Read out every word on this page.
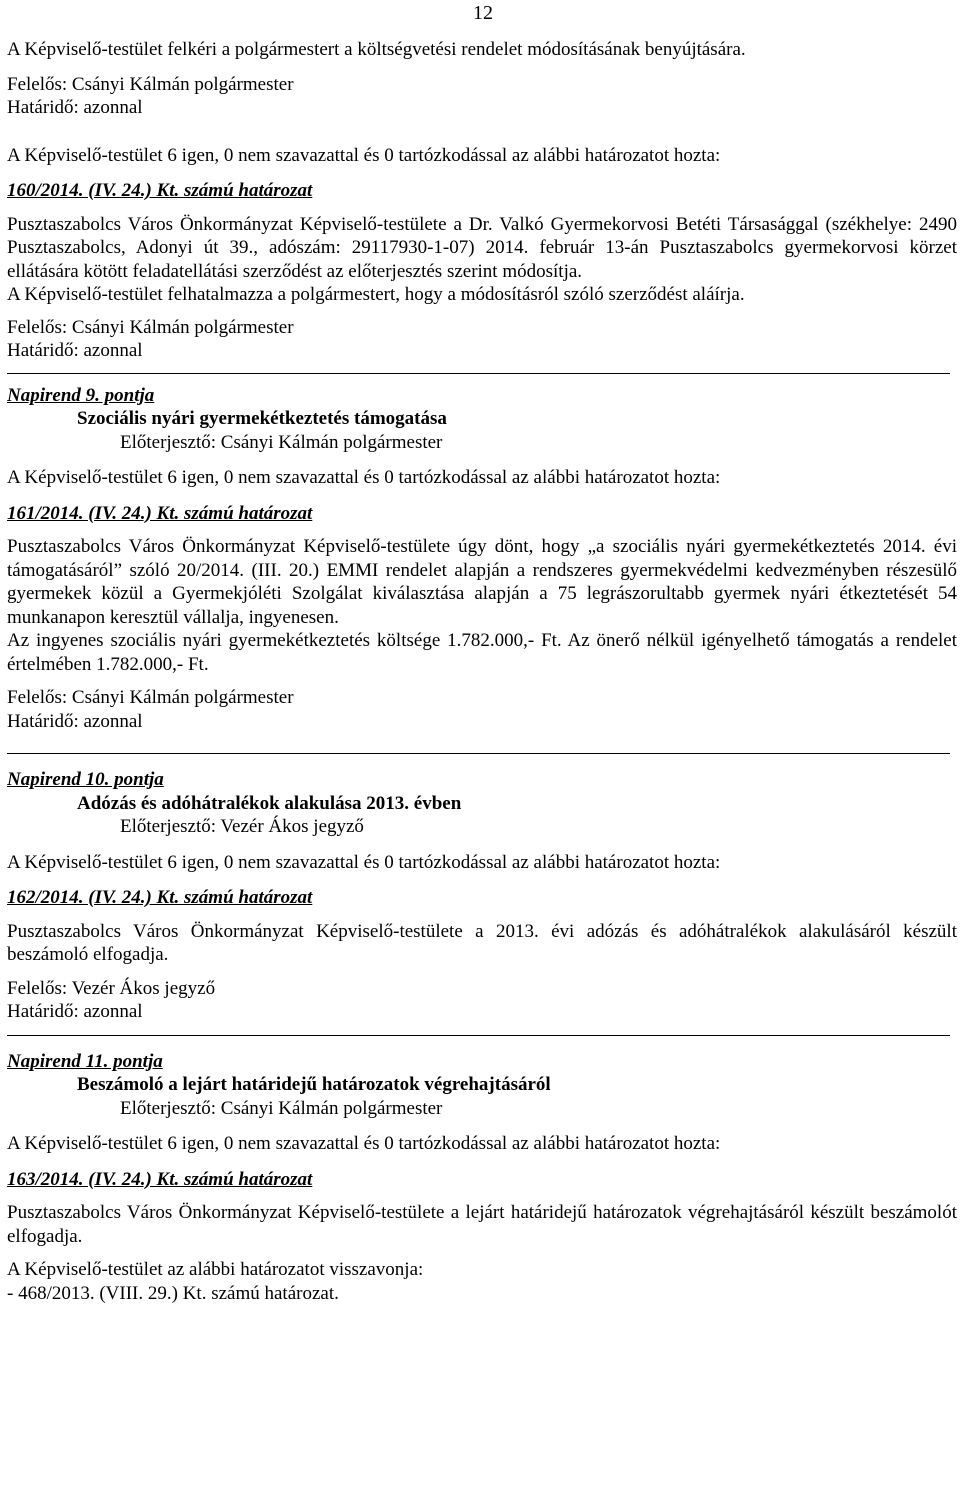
12

A Képviselő-testület felkéri a polgármestert a költségvetési rendelet módosításának benyújtására.

Felelős: Csányi Kálmán polgármester

Határidő: azonnal

A Képviselő-testület 6 igen, 0 nem szavazattal és 0 tartózkodással az alábbi határozatot hozta:

160/2014. (IV. 24.) Kt. számú határozat

Pusztaszabolcs Város Önkormányzat Képviselő-testülete a Dr. Valkó Gyermekorvosi Betéti Társasággal (székhelye: 2490 Pusztaszabolcs, Adonyi út 39., adószám: 29117930-1-07) 2014. február 13-án Pusztaszabolcs gyermekorvosi körzet ellátására kötött feladatellátási szerződést az előterjesztés szerint módosítja.

A Képviselő-testület felhatalmazza a polgármestert, hogy a módosításról szóló szerződést aláírja.

Felelős: Csányi Kálmán polgármester

Határidő: azonnal

Napirend 9. pontja

Szociális nyári gyermekétkeztetés támogatása

Előterjesztő: Csányi Kálmán polgármester

A Képviselő-testület 6 igen, 0 nem szavazattal és 0 tartózkodással az alábbi határozatot hozta:

161/2014. (IV. 24.) Kt. számú határozat

Pusztaszabolcs Város Önkormányzat Képviselő-testülete úgy dönt, hogy „a szociális nyári gyermekétkeztetés 2014. évi támogatásáról” szóló 20/2014. (III. 20.) EMMI rendelet alapján a rendszeres gyermekvédelmi kedvezményben részesülő gyermekek közül a Gyermekjóléti Szolgálat kiválasztása alapján a 75 legrászorultabb gyermek nyári étkeztetését 54 munkanapon keresztül vállalja, ingyenesen.

Az ingyenes szociális nyári gyermekétkeztetés költsége 1.782.000,- Ft. Az önerő nélkül igényelhető támogatás a rendelet értelmében 1.782.000,- Ft.

Felelős: Csányi Kálmán polgármester

Határidő: azonnal

Napirend 10. pontja

Adózás és adóhátralékok alakulása 2013. évben

Előterjesztő: Vezér Ákos jegyző

A Képviselő-testület 6 igen, 0 nem szavazattal és 0 tartózkodással az alábbi határozatot hozta:

162/2014. (IV. 24.) Kt. számú határozat

Pusztaszabolcs Város Önkormányzat Képviselő-testülete a 2013. évi adózás és adóhátralékok alakulásáról készült beszámoló elfogadja.

Felelős: Vezér Ákos jegyző

Határidő: azonnal

Napirend 11. pontja

Beszámoló a lejárt határidejű határozatok végrehajtásáról

Előterjesztő: Csányi Kálmán polgármester

A Képviselő-testület 6 igen, 0 nem szavazattal és 0 tartózkodással az alábbi határozatot hozta:

163/2014. (IV. 24.) Kt. számú határozat

Pusztaszabolcs Város Önkormányzat Képviselő-testülete a lejárt határidejű határozatok végrehajtásáról készült beszámolót elfogadja.

A Képviselő-testület az alábbi határozatot visszavonja:

- 468/2013. (VIII. 29.) Kt. számú határozat.
